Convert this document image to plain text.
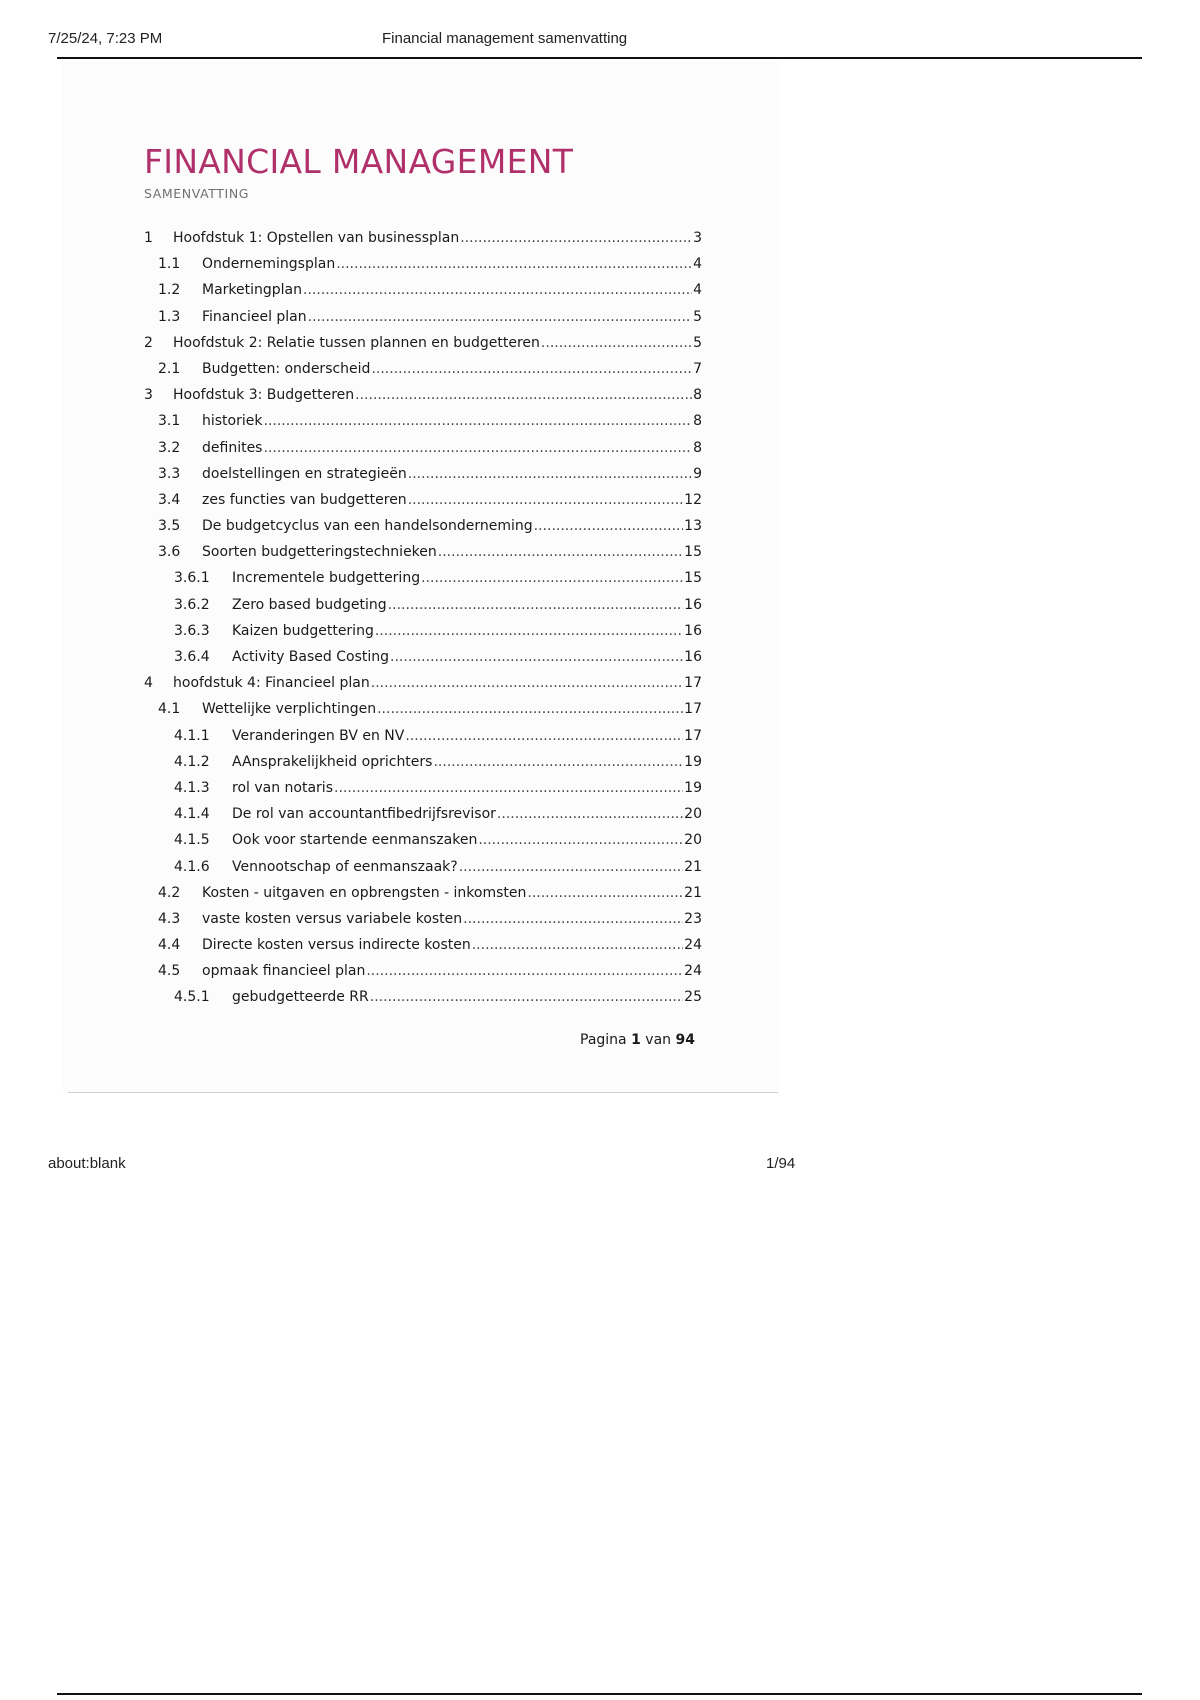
7/25/24, 7:23 PM	Financial management samenvatting
FINANCIAL MANAGEMENT
SAMENVATTING
1	Hoofdstuk 1: Opstellen van businessplan .....	3
1.1	Ondernemingsplan .....	4
1.2	Marketingplan .....	4
1.3	Financieel plan .....	5
2	Hoofdstuk 2: Relatie tussen plannen en budgetteren .....	5
2.1	Budgetten: onderscheid .....	7
3	Hoofdstuk 3: Budgetteren .....	8
3.1	historiek .....	8
3.2	definites .....	8
3.3	doelstellingen en strategieën .....	9
3.4	zes functies van budgetteren .....	12
3.5	De budgetcyclus van een handelsonderneming .....	13
3.6	Soorten budgetteringstechnieken .....	15
3.6.1	Incrementele budgettering .....	15
3.6.2	Zero based budgeting .....	16
3.6.3	Kaizen budgettering .....	16
3.6.4	Activity Based Costing .....	16
4	hoofdstuk 4: Financieel plan .....	17
4.1	Wettelijke verplichtingen .....	17
4.1.1	Veranderingen BV en NV .....	17
4.1.2	AAnsprakelijkheid oprichters .....	19
4.1.3	rol van notaris .....	19
4.1.4	De rol van accountantfibedrijfsrevisor .....	20
4.1.5	Ook voor startende eenmanszaken .....	20
4.1.6	Vennootschap of eenmanszaak? .....	21
4.2	Kosten - uitgaven en opbrengsten - inkomsten .....	21
4.3	vaste kosten versus variabele kosten .....	23
4.4	Directe kosten versus indirecte kosten .....	24
4.5	opmaak financieel plan .....	24
4.5.1	gebudgetteerde RR .....	25
Pagina 1 van 94
about:blank	1/94
